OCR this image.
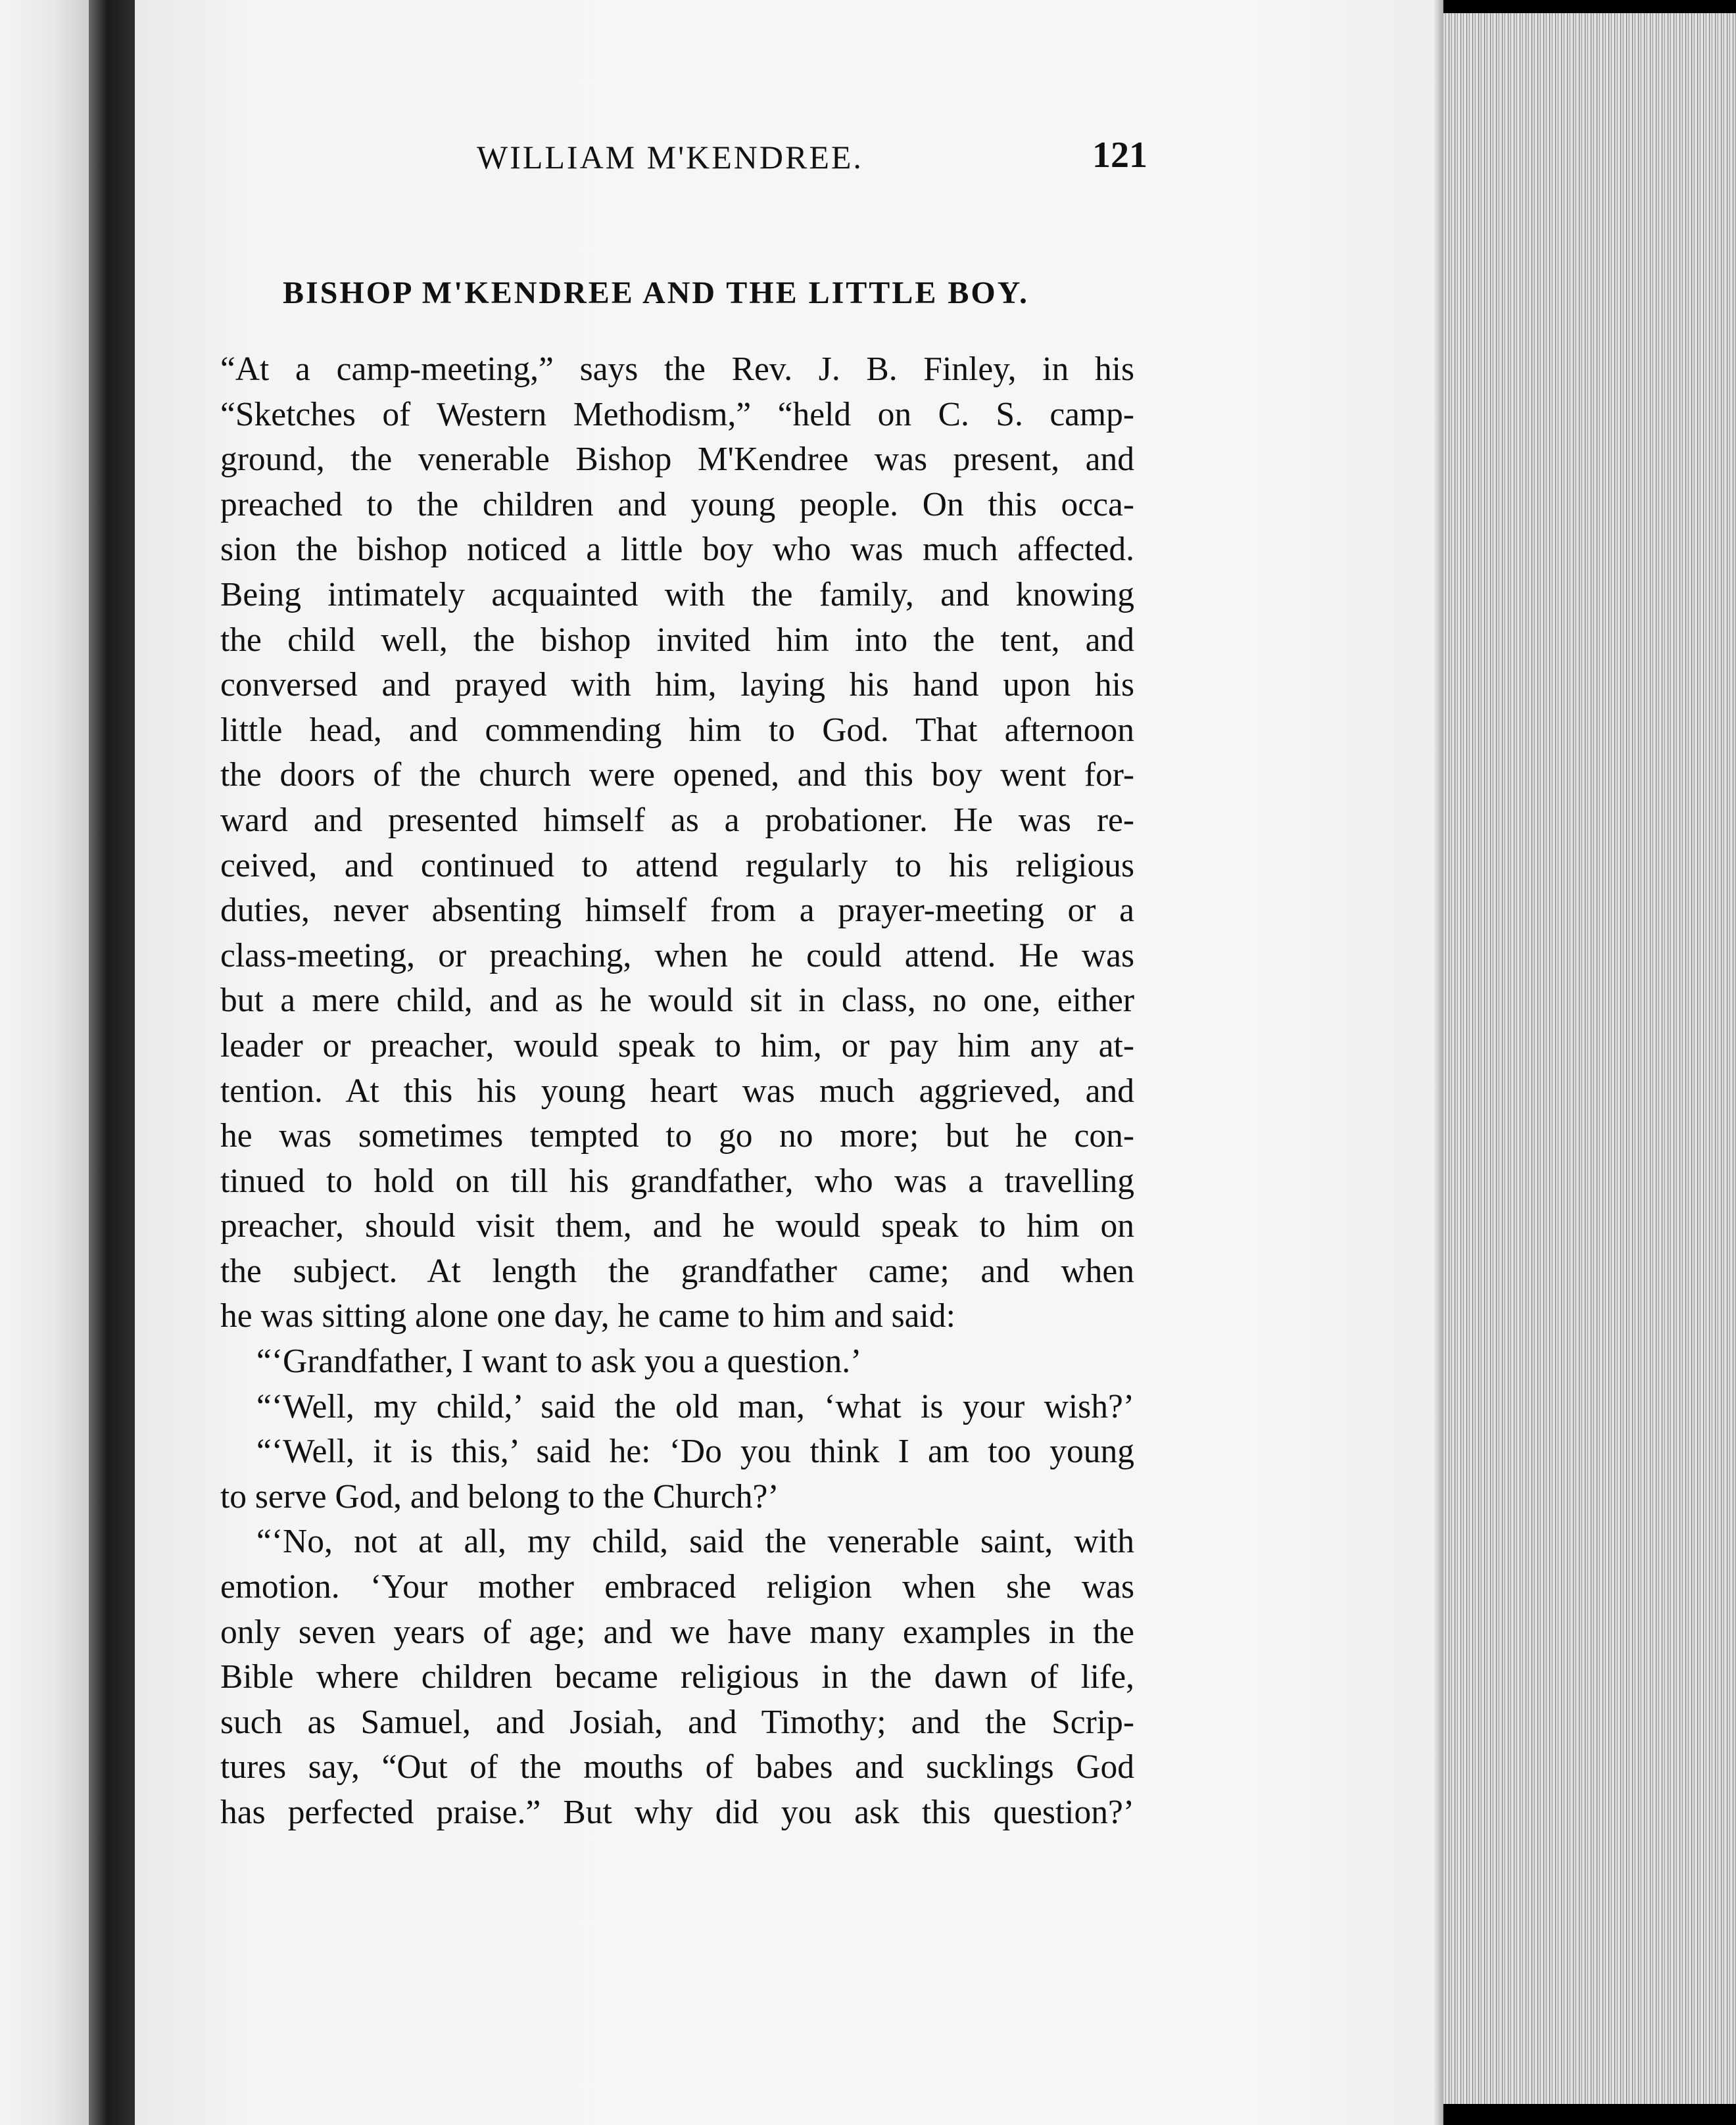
WILLIAM M'KENDREE.	121
BISHOP M'KENDREE AND THE LITTLE BOY.
“At a camp-meeting,” says the Rev. J. B. Finley, in his
“Sketches of Western Methodism,” “held on C. S. camp-
ground, the venerable Bishop M'Kendree was present, and
preached to the children and young people. On this occa-
sion the bishop noticed a little boy who was much affected.
Being intimately acquainted with the family, and knowing
the child well, the bishop invited him into the tent, and
conversed and prayed with him, laying his hand upon his
little head, and commending him to God. That afternoon
the doors of the church were opened, and this boy went for-
ward and presented himself as a probationer. He was re-
ceived, and continued to attend regularly to his religious
duties, never absenting himself from a prayer-meeting or a
class-meeting, or preaching, when he could attend. He was
but a mere child, and as he would sit in class, no one, either
leader or preacher, would speak to him, or pay him any at-
tention. At this his young heart was much aggrieved, and
he was sometimes tempted to go no more; but he con-
tinued to hold on till his grandfather, who was a travelling
preacher, should visit them, and he would speak to him on
the subject. At length the grandfather came; and when
he was sitting alone one day, he came to him and said:
“‘Grandfather, I want to ask you a question.’
“‘Well, my child,’ said the old man, ‘what is your wish?’
“‘Well, it is this,’ said he: ‘Do you think I am too young
to serve God, and belong to the Church?’
“‘No, not at all, my child, said the venerable saint, with
emotion. ‘Your mother embraced religion when she was
only seven years of age; and we have many examples in the
Bible where children became religious in the dawn of life,
such as Samuel, and Josiah, and Timothy; and the Scrip-
tures say, “Out of the mouths of babes and sucklings God
has perfected praise.” But why did you ask this question?’
